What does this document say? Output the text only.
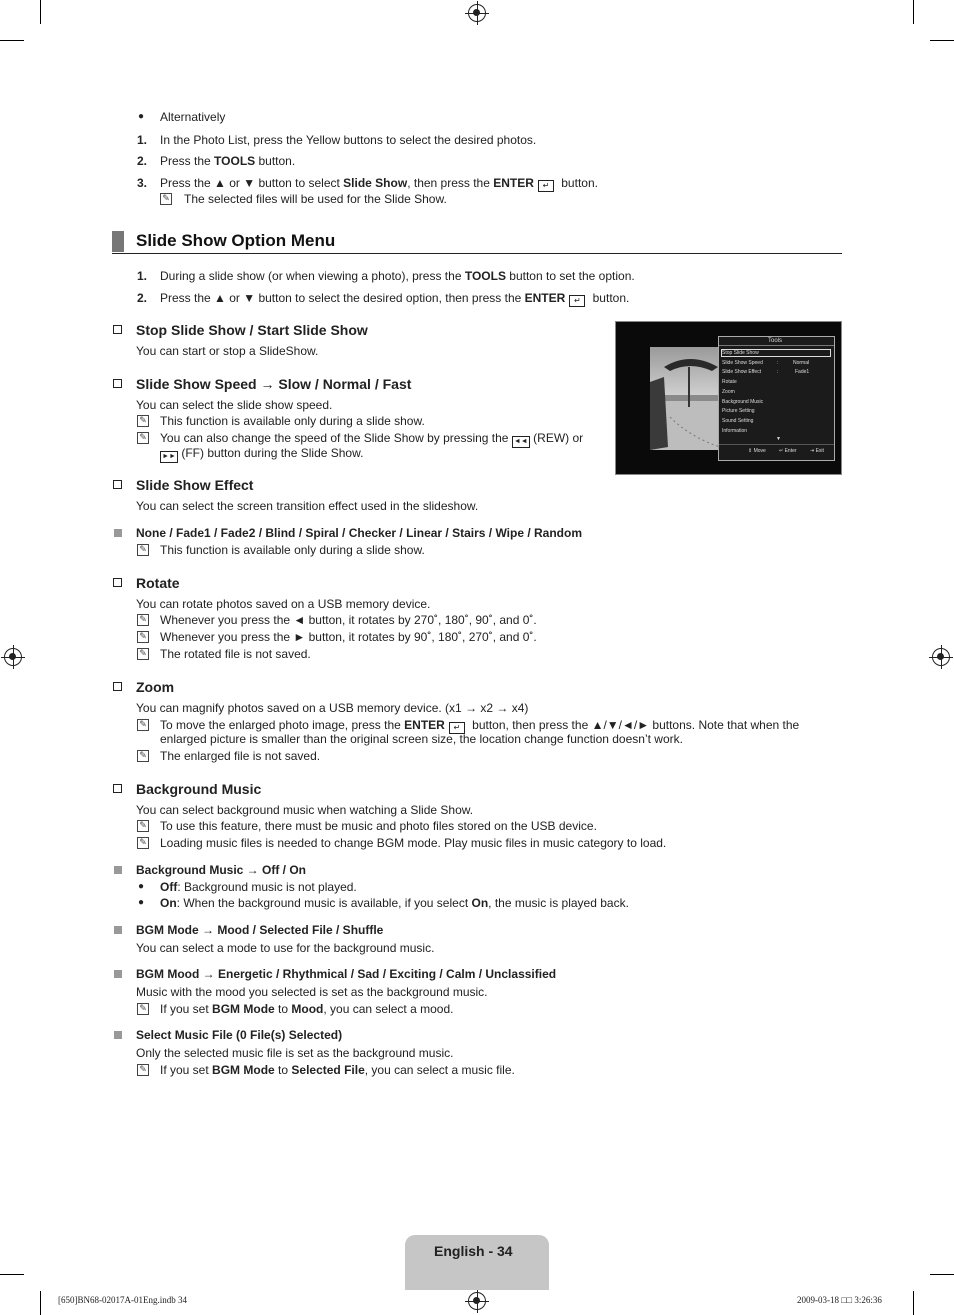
● Alternatively
1. In the Photo List, press the Yellow buttons to select the desired photos.
2. Press the TOOLS button.
3. Press the ▲ or ▼ button to select Slide Show, then press the ENTER ↵ button.
✎ The selected files will be used for the Slide Show.
Slide Show Option Menu
1. During a slide show (or when viewing a photo), press the TOOLS button to set the option.
2. Press the ▲ or ▼ button to select the desired option, then press the ENTER ↵ button.
Stop Slide Show / Start Slide Show
You can start or stop a SlideShow.
Slide Show Speed → Slow / Normal / Fast
You can select the slide show speed.
✎ This function is available only during a slide show.
✎ You can also change the speed of the Slide Show by pressing the ◄◄ (REW) or
►► (FF) button during the Slide Show.
Tools
Stop Slide Show
Slide Show Speed	:	Normal
Slide Show Effect	:	Fade1
Rotate
Zoom
Background Music
Picture Setting
Sound Setting
Information
▼
⇕ Move	↵ Enter	⇥ Exit
Slide Show Effect
You can select the screen transition effect used in the slideshow.
None / Fade1 / Fade2 / Blind / Spiral / Checker / Linear / Stairs / Wipe / Random
✎ This function is available only during a slide show.
Rotate
You can rotate photos saved on a USB memory device.
✎ Whenever you press the ◄ button, it rotates by 270˚, 180˚, 90˚, and 0˚.
✎ Whenever you press the ► button, it rotates by 90˚, 180˚, 270˚, and 0˚.
✎ The rotated file is not saved.
Zoom
You can magnify photos saved on a USB memory device. (x1 → x2 → x4)
✎ To move the enlarged photo image, press the ENTER ↵ button, then press the ▲/▼/◄/► buttons. Note that when the
enlarged picture is smaller than the original screen size, the location change function doesn’t work.
✎ The enlarged file is not saved.
Background Music
You can select background music when watching a Slide Show.
✎ To use this feature, there must be music and photo files stored on the USB device.
✎ Loading music files is needed to change BGM mode. Play music files in music category to load.
Background Music → Off / On
● Off: Background music is not played.
● On: When the background music is available, if you select On, the music is played back.
BGM Mode → Mood / Selected File / Shuffle
You can select a mode to use for the background music.
BGM Mood → Energetic / Rhythmical / Sad / Exciting / Calm / Unclassified
Music with the mood you selected is set as the background music.
✎ If you set BGM Mode to Mood, you can select a mood.
Select Music File (0 File(s) Selected)
Only the selected music file is set as the background music.
✎ If you set BGM Mode to Selected File, you can select a music file.
English - 34
[650]BN68-02017A-01Eng.indb 34	2009-03-18 □□ 3:26:36
